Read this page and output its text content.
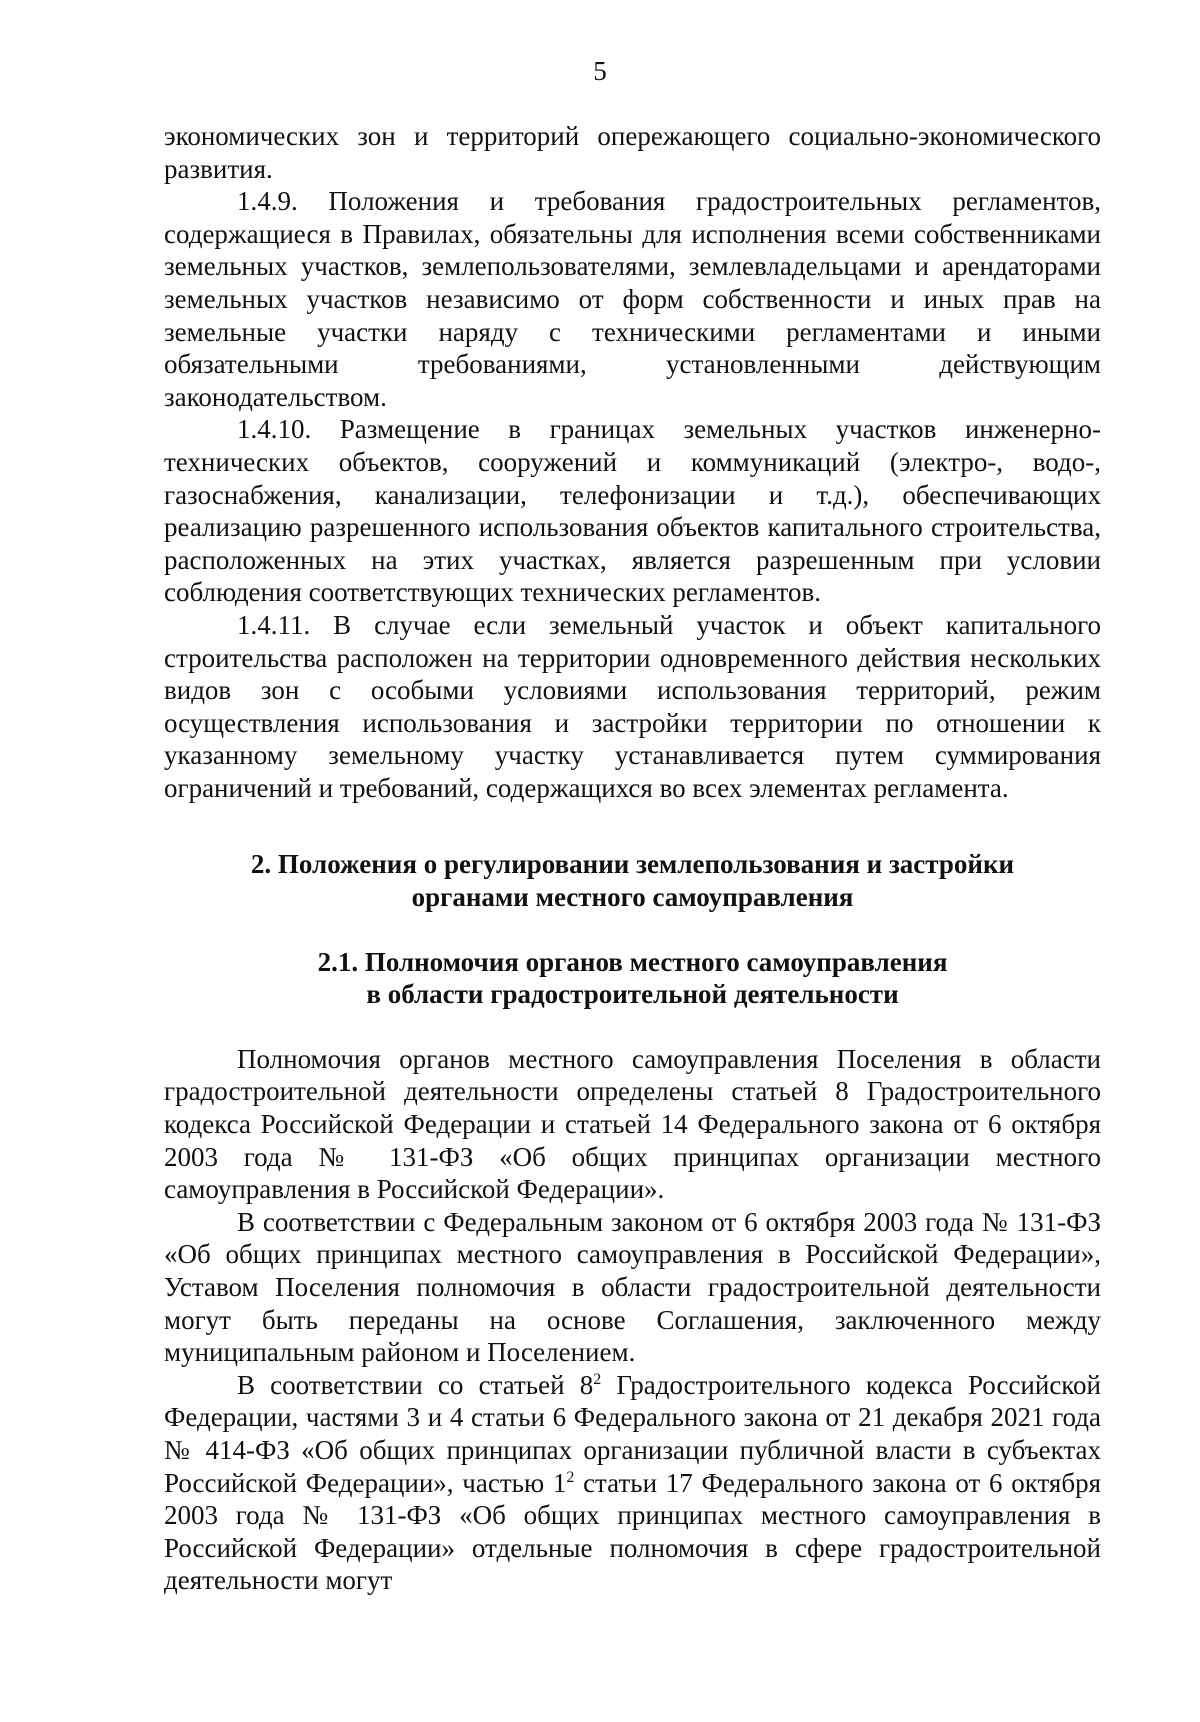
5

экономических зон и территорий опережающего социально-экономического развития.

1.4.9. Положения и требования градостроительных регламентов, содержащиеся в Правилах, обязательны для исполнения всеми собственниками земельных участков, землепользователями, землевладельцами и арендаторами земельных участков независимо от форм собственности и иных прав на земельные участки наряду с техническими регламентами и иными обязательными требованиями, установленными действующим законодательством.

1.4.10. Размещение в границах земельных участков инженерно-технических объектов, сооружений и коммуникаций (электро-, водо-, газоснабжения, канализации, телефонизации и т.д.), обеспечивающих реализацию разрешенного использования объектов капитального строительства, расположенных на этих участках, является разрешенным при условии соблюдения соответствующих технических регламентов.

1.4.11. В случае если земельный участок и объект капитального строительства расположен на территории одновременного действия нескольких видов зон с особыми условиями использования территорий, режим осуществления использования и застройки территории по отношении к указанному земельному участку устанавливается путем суммирования ограничений и требований, содержащихся во всех элементах регламента.

2. Положения о регулировании землепользования и застройки
органами местного самоуправления
2.1. Полномочия органов местного самоуправления
в области градостроительной деятельности

Полномочия органов местного самоуправления Поселения в области градостроительной деятельности определены статьей 8 Градостроительного кодекса Российской Федерации и статьей 14 Федерального закона от 6 октября 2003 года № 131-ФЗ «Об общих принципах организации местного самоуправления в Российской Федерации».

В соответствии с Федеральным законом от 6 октября 2003 года № 131-ФЗ «Об общих принципах местного самоуправления в Российской Федерации», Уставом Поселения полномочия в области градостроительной деятельности могут быть переданы на основе Соглашения, заключенного между муниципальным районом и Поселением.

В соответствии со статьей $8^2$ Градостроительного кодекса Российской Федерации, частями 3 и 4 статьи 6 Федерального закона от 21 декабря 2021 года № 414-ФЗ «Об общих принципах организации публичной власти в субъектах Российской Федерации», частью $1^2$ статьи 17 Федерального закона от 6 октября 2003 года № 131-ФЗ «Об общих принципах местного самоуправления в Российской Федерации» отдельные полномочия в сфере градостроительной деятельности могут
